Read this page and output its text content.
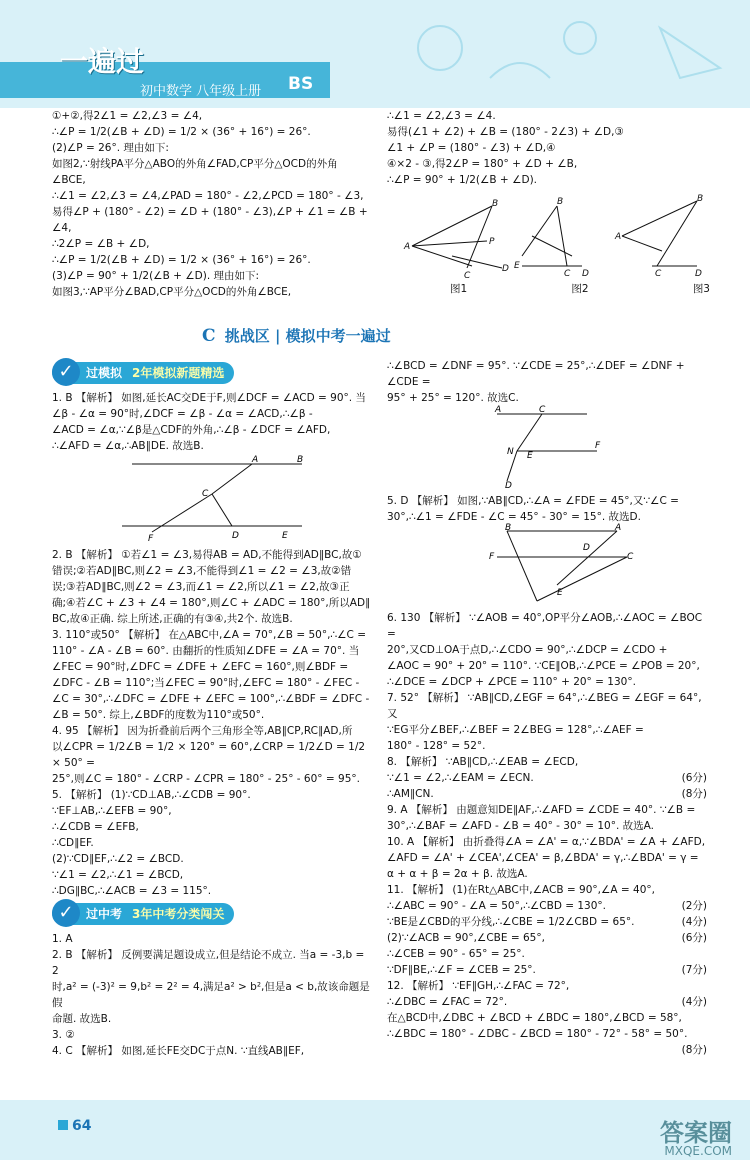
一遍过
初中数学 八年级上册 BS

①+②,得2∠1 = ∠2,∠3 = ∠4,

∴∠P = 1/2(∠B + ∠D) = 1/2 × (36° + 16°) = 26°.

(2)∠P = 26°. 理由如下:

如图2,∵射线PA平分△ABO的外角∠FAD,CP平分△OCD的外角

∠BCE,

∴∠1 = ∠2,∠3 = ∠4,∠PAD = 180° - ∠2,∠PCD = 180° - ∠3,

易得∠P + (180° - ∠2) = ∠D + (180° - ∠3),∠P + ∠1 = ∠B + ∠4,

∴2∠P = ∠B + ∠D,

∴∠P = 1/2(∠B + ∠D) = 1/2 × (36° + 16°) = 26°.

(3)∠P = 90° + 1/2(∠B + ∠D). 理由如下:

如图3,∵AP平分∠BAD,CP平分△OCD的外角∠BCE,

∴∠1 = ∠2,∠3 = ∠4.

易得(∠1 + ∠2) + ∠B = (180° - 2∠3) + ∠D,③

∠1 + ∠P = (180° - ∠3) + ∠D,④

④×2 - ③,得2∠P = 180° + ∠D + ∠B,

∴∠P = 90° + 1/2(∠B + ∠D).

A
B
P
C
D E
B
C D
A
B
D
C
图1	图2	图3
C 挑战区 | 模拟中考一遍过
✓	过模拟 2年模拟新题精选

1. B 【解析】 如图,延长AC交DE于F,则∠DCF = ∠ACD = 90°. 当

∠β - ∠α = 90°时,∠DCF = ∠β - ∠α = ∠ACD,∴∠β -

∠ACD = ∠α,∵∠β是△CDF的外角,∴∠β - ∠DCF = ∠AFD,

∴∠AFD = ∠α,∴AB∥DE. 故选B.

A	B
C
F	D	E

2. B 【解析】 ①若∠1 = ∠3,易得AB = AD,不能得到AD∥BC,故①

错误;②若AD∥BC,则∠2 = ∠3,不能得到∠1 = ∠2 = ∠3,故②错

误;③若AD∥BC,则∠2 = ∠3,而∠1 = ∠2,所以∠1 = ∠2,故③正

确;④若∠C + ∠3 + ∠4 = 180°,则∠C + ∠ADC = 180°,所以AD∥

BC,故④正确. 综上所述,正确的有③④,共2个. 故选B.

3. 110°或50° 【解析】 在△ABC中,∠A = 70°,∠B = 50°,∴∠C =

110° - ∠A - ∠B = 60°. 由翻折的性质知∠DFE = ∠A = 70°. 当

∠FEC = 90°时,∠DFC = ∠DFE + ∠EFC = 160°,则∠BDF =

∠DFC - ∠B = 110°;当∠FEC = 90°时,∠EFC = 180° - ∠FEC -

∠C = 30°,∴∠DFC = ∠DFE + ∠EFC = 100°,∴∠BDF = ∠DFC -

∠B = 50°. 综上,∠BDF的度数为110°或50°.

4. 95 【解析】 因为折叠前后两个三角形全等,AB∥CP,RC∥AD,所

以∠CPR = 1/2∠B = 1/2 × 120° = 60°,∠CRP = 1/2∠D = 1/2 × 50° =

25°,则∠C = 180° - ∠CRP - ∠CPR = 180° - 25° - 60° = 95°.

5. 【解析】 (1)∵CD⊥AB,∴∠CDB = 90°.

∵EF⊥AB,∴∠EFB = 90°,

∴∠CDB = ∠EFB,

∴CD∥EF.

(2)∵CD∥EF,∴∠2 = ∠BCD.

∵∠1 = ∠2,∴∠1 = ∠BCD,

∴DG∥BC,∴∠ACB = ∠3 = 115°.

✓	过中考 3年中考分类闯关

1. A

2. B 【解析】 反例要满足题设成立,但是结论不成立. 当a = -3,b = 2

时,a² = (-3)² = 9,b² = 2² = 4,满足a² > b²,但是a < b,故该命题是假

命题. 故选B.

3. ②

4. C 【解析】 如图,延长FE交DC于点N. ∵直线AB∥EF,

∴∠BCD = ∠DNF = 95°. ∵∠CDE = 25°,∴∠DEF = ∠DNF + ∠CDE =

95° + 25° = 120°. 故选C.

A	C
N E
F
D

5. D 【解析】 如图,∵AB∥CD,∴∠A = ∠FDE = 45°,又∵∠C =

30°,∴∠1 = ∠FDE - ∠C = 45° - 30° = 15°. 故选D.

B	A
F	C
D
E

6. 130 【解析】 ∵∠AOB = 40°,OP平分∠AOB,∴∠AOC = ∠BOC =

20°,又CD⊥OA于点D,∴∠CDO = 90°,∴∠DCP = ∠CDO +

∠AOC = 90° + 20° = 110°. ∵CE∥OB,∴∠PCE = ∠POB = 20°,

∴∠DCE = ∠DCP + ∠PCE = 110° + 20° = 130°.

7. 52° 【解析】 ∵AB∥CD,∠EGF = 64°,∴∠BEG = ∠EGF = 64°,又

∵EG平分∠BEF,∴∠BEF = 2∠BEG = 128°,∴∠AEF =

180° - 128° = 52°.

8. 【解析】 ∵AB∥CD,∴∠EAB = ∠ECD,

∵∠1 = ∠2,∴∠EAM = ∠ECN.	(6分)

∴AM∥CN.	(8分)

9. A 【解析】 由题意知DE∥AF,∴∠AFD = ∠CDE = 40°. ∵∠B =

30°,∴∠BAF = ∠AFD - ∠B = 40° - 30° = 10°. 故选A.

10. A 【解析】 由折叠得∠A = ∠A' = α,∵∠BDA' = ∠A + ∠AFD,

∠AFD = ∠A' + ∠CEA',∠CEA' = β,∠BDA' = γ,∴∠BDA' = γ =

α + α + β = 2α + β. 故选A.

11. 【解析】 (1)在Rt△ABC中,∠ACB = 90°,∠A = 40°,

∴∠ABC = 90° - ∠A = 50°,∴∠CBD = 130°.	(2分)

∵BE是∠CBD的平分线,∴∠CBE = 1/2∠CBD = 65°.	(4分)

(2)∵∠ACB = 90°,∠CBE = 65°,	(6分)

∴∠CEB = 90° - 65° = 25°.

∵DF∥BE,∴∠F = ∠CEB = 25°.	(7分)

12. 【解析】 ∵EF∥GH,∴∠FAC = 72°,

∴∠DBC = ∠FAC = 72°.	(4分)

在△BCD中,∠DBC + ∠BCD + ∠BDC = 180°,∠BCD = 58°,

∴∠BDC = 180° - ∠DBC - ∠BCD = 180° - 72° - 58° = 50°.
(8分)

64	答案圈
MXQE.COM
